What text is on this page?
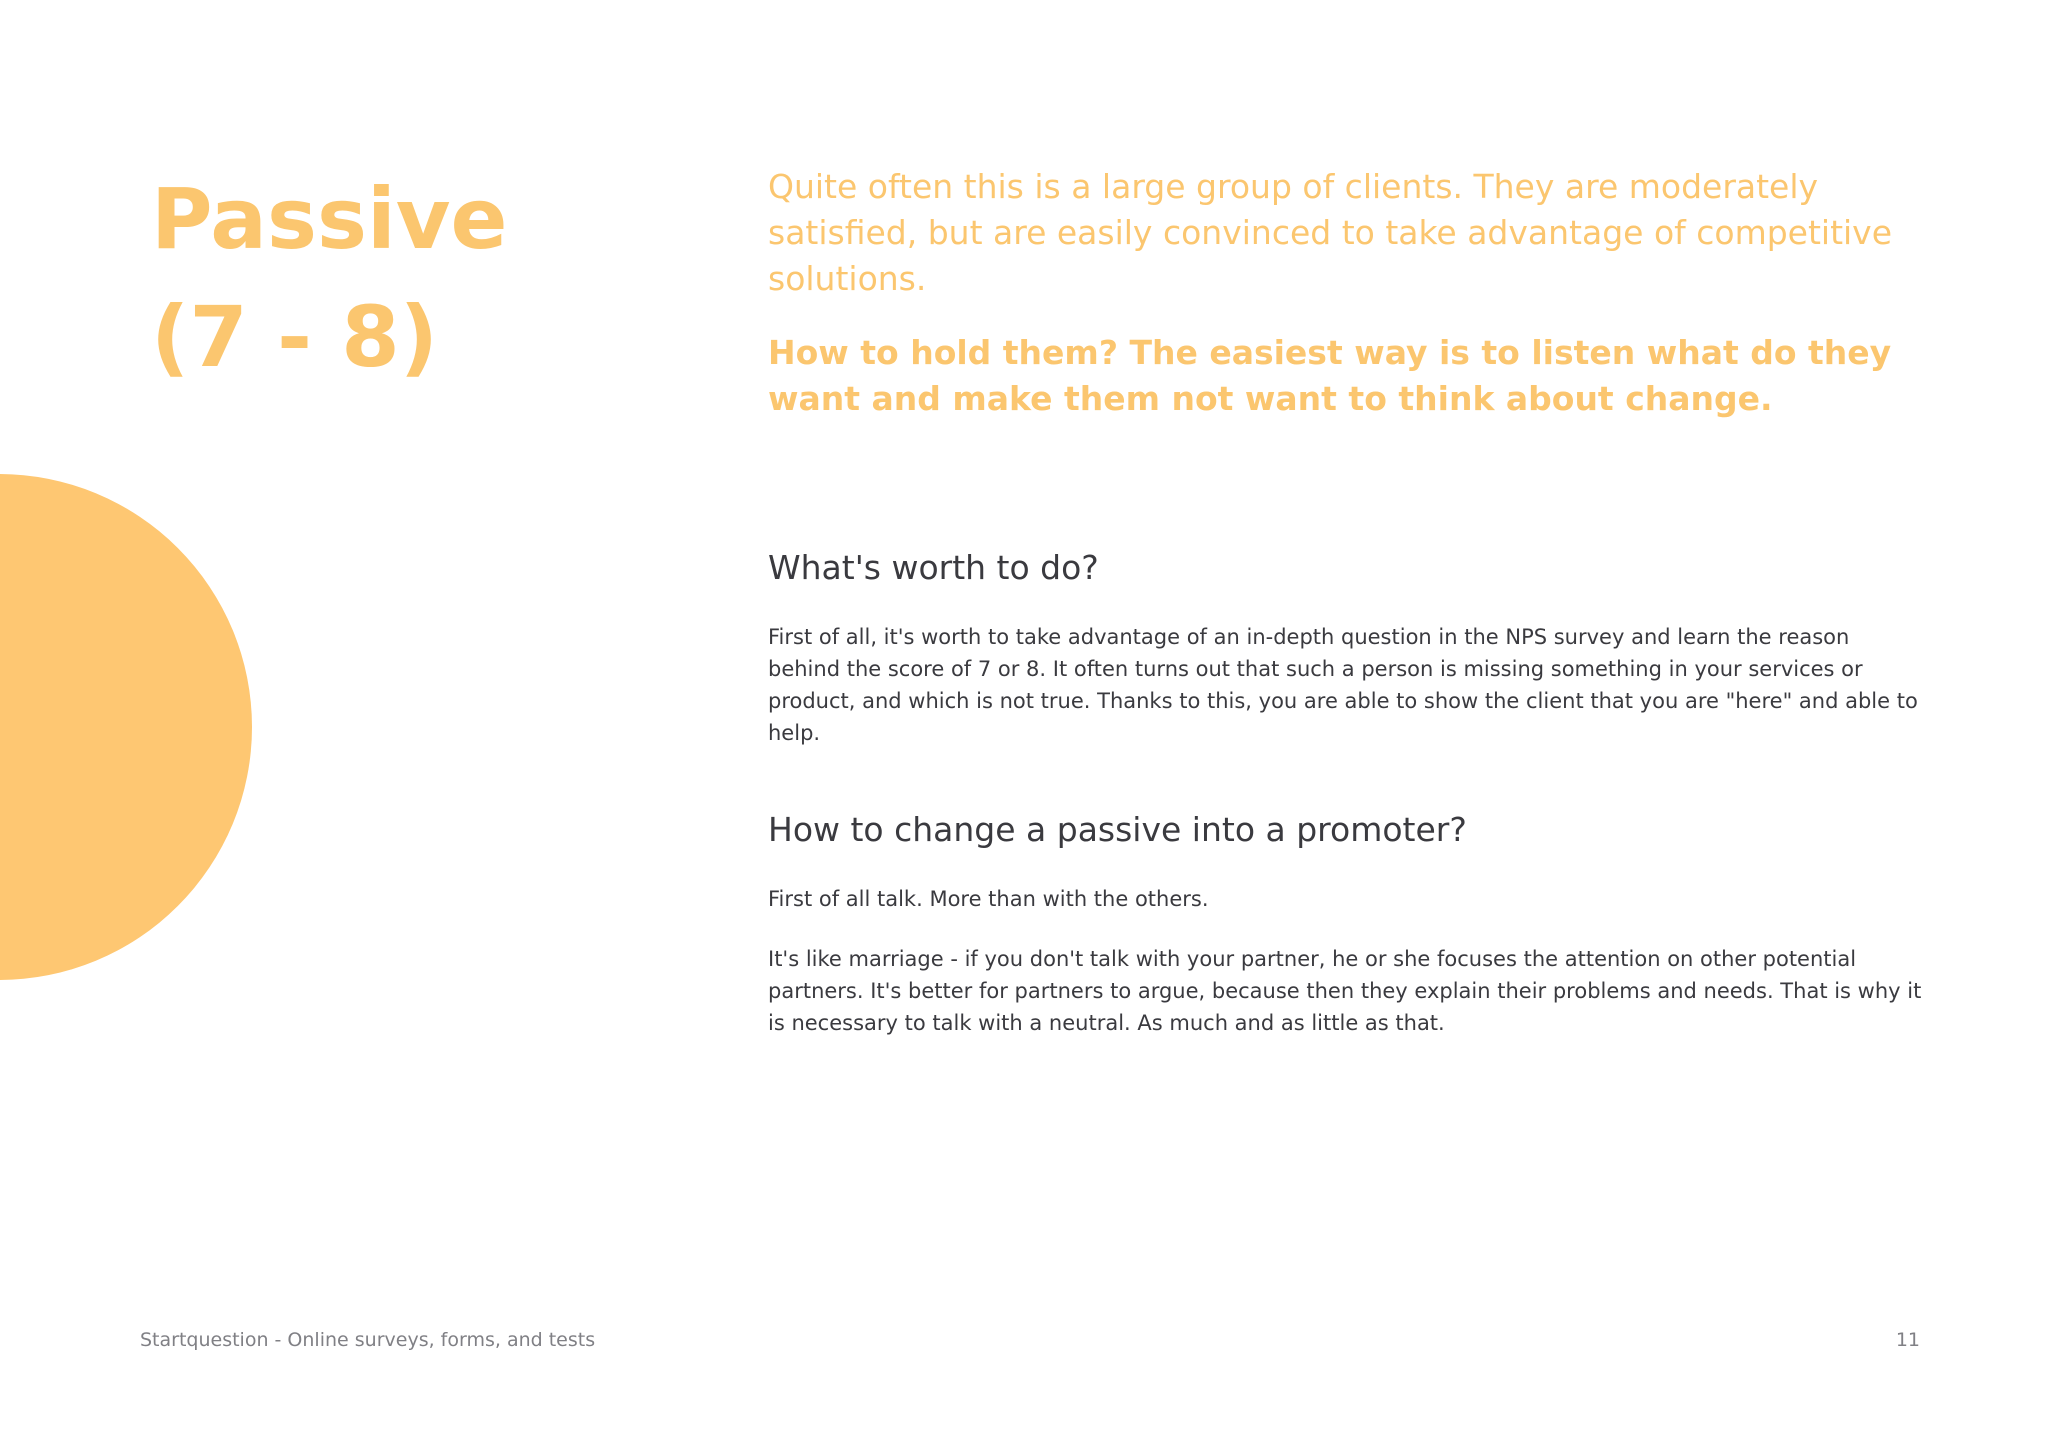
Passive
(7 - 8)

Quite often this is a large group of clients. They are moderately satisfied, but are easily convinced to take advantage of competitive solutions.

How to hold them? The easiest way is to listen what do they want and make them not want to think about change.

What's worth to do?

First of all, it's worth to take advantage of an in-depth question in the NPS survey and learn the reason behind the score of 7 or 8. It often turns out that such a person is missing something in your services or product, and which is not true. Thanks to this, you are able to show the client that you are "here" and able to help.

How to change a passive into a promoter?

First of all talk. More than with the others.

It's like marriage - if you don't talk with your partner, he or she focuses the attention on other potential partners. It's better for partners to argue, because then they explain their problems and needs. That is why it is necessary to talk with a neutral. As much and as little as that.

Startquestion - Online surveys, forms, and tests	11
